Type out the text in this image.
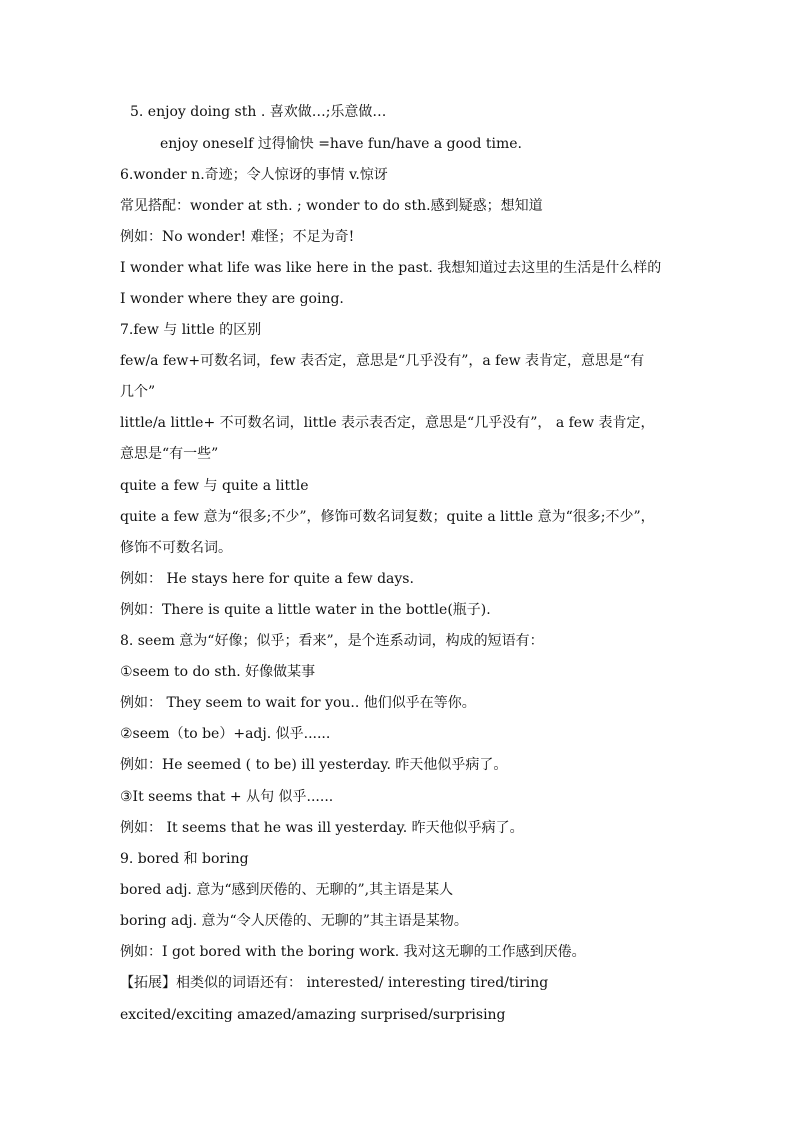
5. enjoy doing sth . 喜欢做…;乐意做…
enjoy oneself 过得愉快 =have fun/have a good time.
6.wonder n.奇迹；令人惊讶的事情 v.惊讶
常见搭配：wonder at sth. ; wonder to do sth.感到疑惑；想知道
例如：No wonder! 难怪；不足为奇!
I wonder what life was like here in the past. 我想知道过去这里的生活是什么样的
I wonder where they are going.
7.few 与 little 的区别
few/a few+可数名词，few 表否定，意思是“几乎没有”，a few 表肯定，意思是“有
几个”
little/a little+ 不可数名词，little 表示表否定，意思是“几乎没有”， a few 表肯定，
意思是“有一些”
quite a few 与 quite a little
quite a few 意为“很多;不少”，修饰可数名词复数；quite a little 意为“很多;不少”，
修饰不可数名词。
例如： He stays here for quite a few days.
例如：There is quite a little water in the bottle(瓶子).
8. seem 意为“好像；似乎；看来”，是个连系动词，构成的短语有：
①seem to do sth. 好像做某事
例如： They seem to wait for you.. 他们似乎在等你。
②seem（to be）+adj. 似乎......
例如：He seemed ( to be) ill yesterday. 昨天他似乎病了。
③It seems that + 从句 似乎......
例如： It seems that he was ill yesterday. 昨天他似乎病了。
9. bored 和 boring
bored adj. 意为“感到厌倦的、无聊的”,其主语是某人
boring adj. 意为“令人厌倦的、无聊的”其主语是某物。
例如：I got bored with the boring work. 我对这无聊的工作感到厌倦。
【拓展】相类似的词语还有： interested/ interesting tired/tiring
excited/exciting amazed/amazing surprised/surprising
